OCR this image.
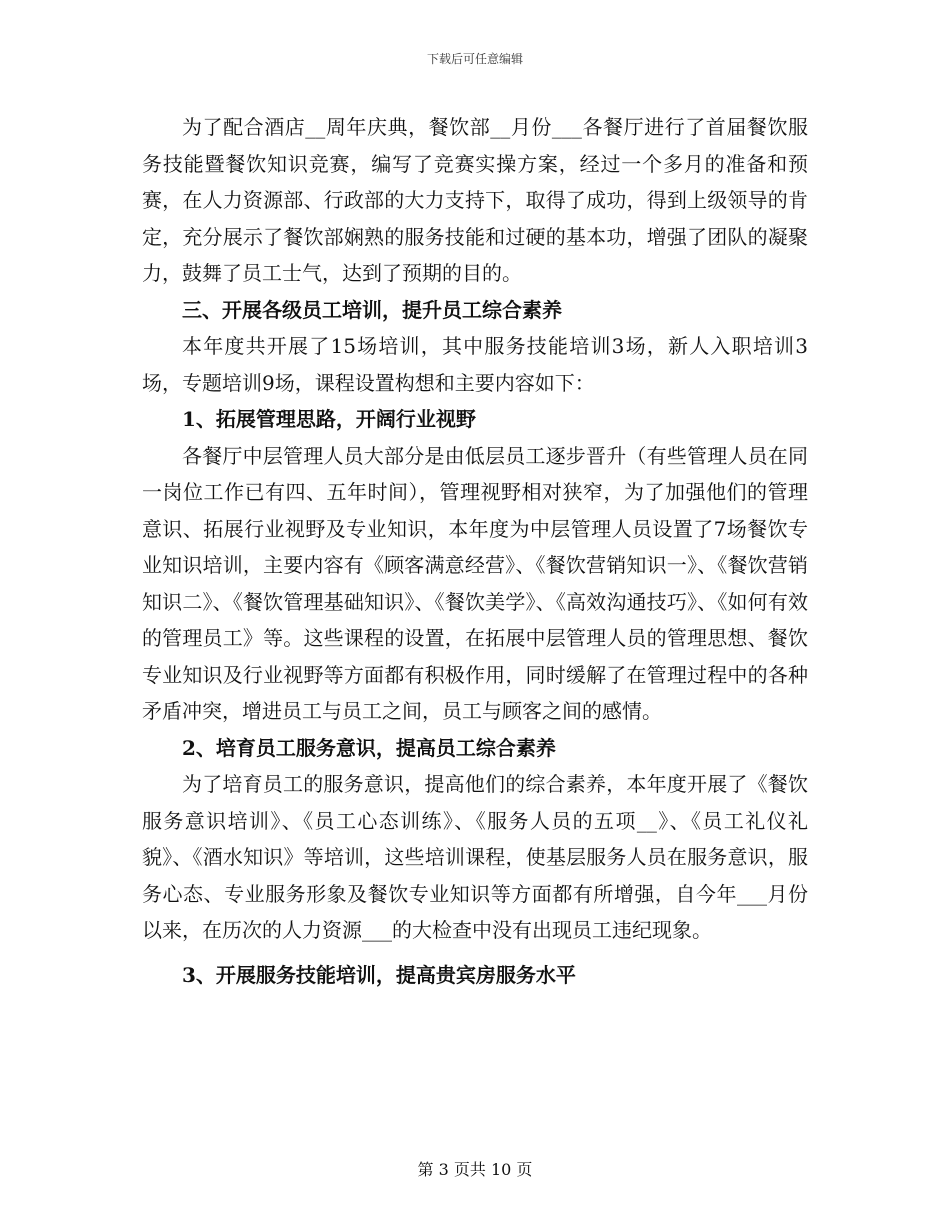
下载后可任意编辑

为了配合酒店__周年庆典，餐饮部__月份___各餐厅进行了首届餐饮服务技能暨餐饮知识竞赛，编写了竞赛实操方案，经过一个多月的准备和预赛，在人力资源部、行政部的大力支持下，取得了成功，得到上级领导的肯定，充分展示了餐饮部娴熟的服务技能和过硬的基本功，增强了团队的凝聚力，鼓舞了员工士气，达到了预期的目的。

三、开展各级员工培训，提升员工综合素养

本年度共开展了15场培训，其中服务技能培训3场，新人入职培训3场，专题培训9场，课程设置构想和主要内容如下：

1、拓展管理思路，开阔行业视野

各餐厅中层管理人员大部分是由低层员工逐步晋升（有些管理人员在同一岗位工作已有四、五年时间），管理视野相对狭窄，为了加强他们的管理意识、拓展行业视野及专业知识，本年度为中层管理人员设置了7场餐饮专业知识培训，主要内容有《顾客满意经营》、《餐饮营销知识一》、《餐饮营销知识二》、《餐饮管理基础知识》、《餐饮美学》、《高效沟通技巧》、《如何有效的管理员工》等。这些课程的设置，在拓展中层管理人员的管理思想、餐饮专业知识及行业视野等方面都有积极作用，同时缓解了在管理过程中的各种矛盾冲突，增进员工与员工之间，员工与顾客之间的感情。

2、培育员工服务意识，提高员工综合素养

为了培育员工的服务意识，提高他们的综合素养，本年度开展了《餐饮服务意识培训》、《员工心态训练》、《服务人员的五项__》、《员工礼仪礼貌》、《酒水知识》等培训，这些培训课程，使基层服务人员在服务意识，服务心态、专业服务形象及餐饮专业知识等方面都有所增强，自今年___月份以来，在历次的人力资源___的大检查中没有出现员工违纪现象。

3、开展服务技能培训，提高贵宾房服务水平

第 3 页共 10 页
